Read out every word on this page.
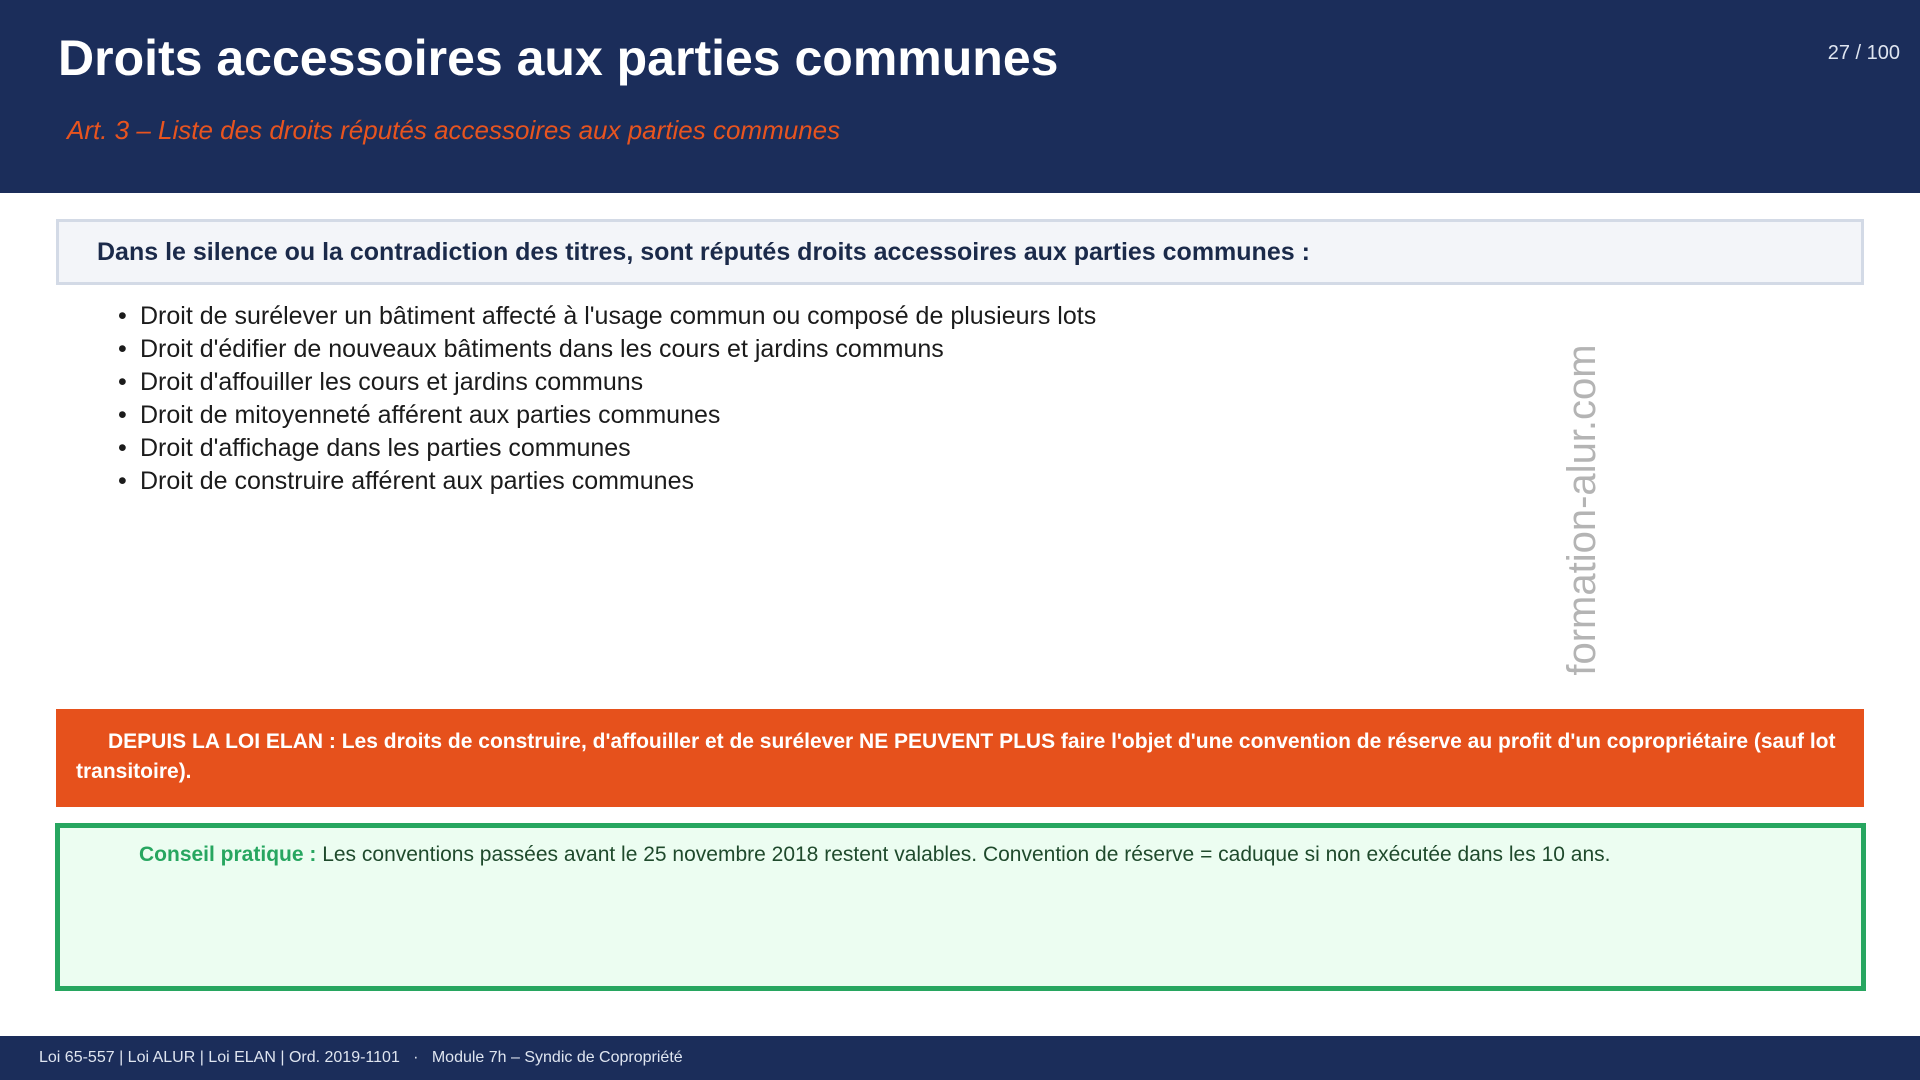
Droits accessoires aux parties communes
Art. 3 – Liste des droits réputés accessoires aux parties communes
27 / 100
Dans le silence ou la contradiction des titres, sont réputés droits accessoires aux parties communes :
• Droit de surélever un bâtiment affecté à l'usage commun ou composé de plusieurs lots
• Droit d'édifier de nouveaux bâtiments dans les cours et jardins communs
• Droit d'affouiller les cours et jardins communs
• Droit de mitoyenneté afférent aux parties communes
• Droit d'affichage dans les parties communes
• Droit de construire afférent aux parties communes	formation-alur.com
DEPUIS LA LOI ELAN : Les droits de construire, d'affouiller et de surélever NE PEUVENT PLUS faire l'objet d'une convention de réserve au profit d'un copropriétaire (sauf lot transitoire).
Conseil pratique : Les conventions passées avant le 25 novembre 2018 restent valables. Convention de réserve = caduque si non exécutée dans les 10 ans.
Loi 65-557 | Loi ALUR | Loi ELAN | Ord. 2019-1101   ·   Module 7h – Syndic de Copropriété
